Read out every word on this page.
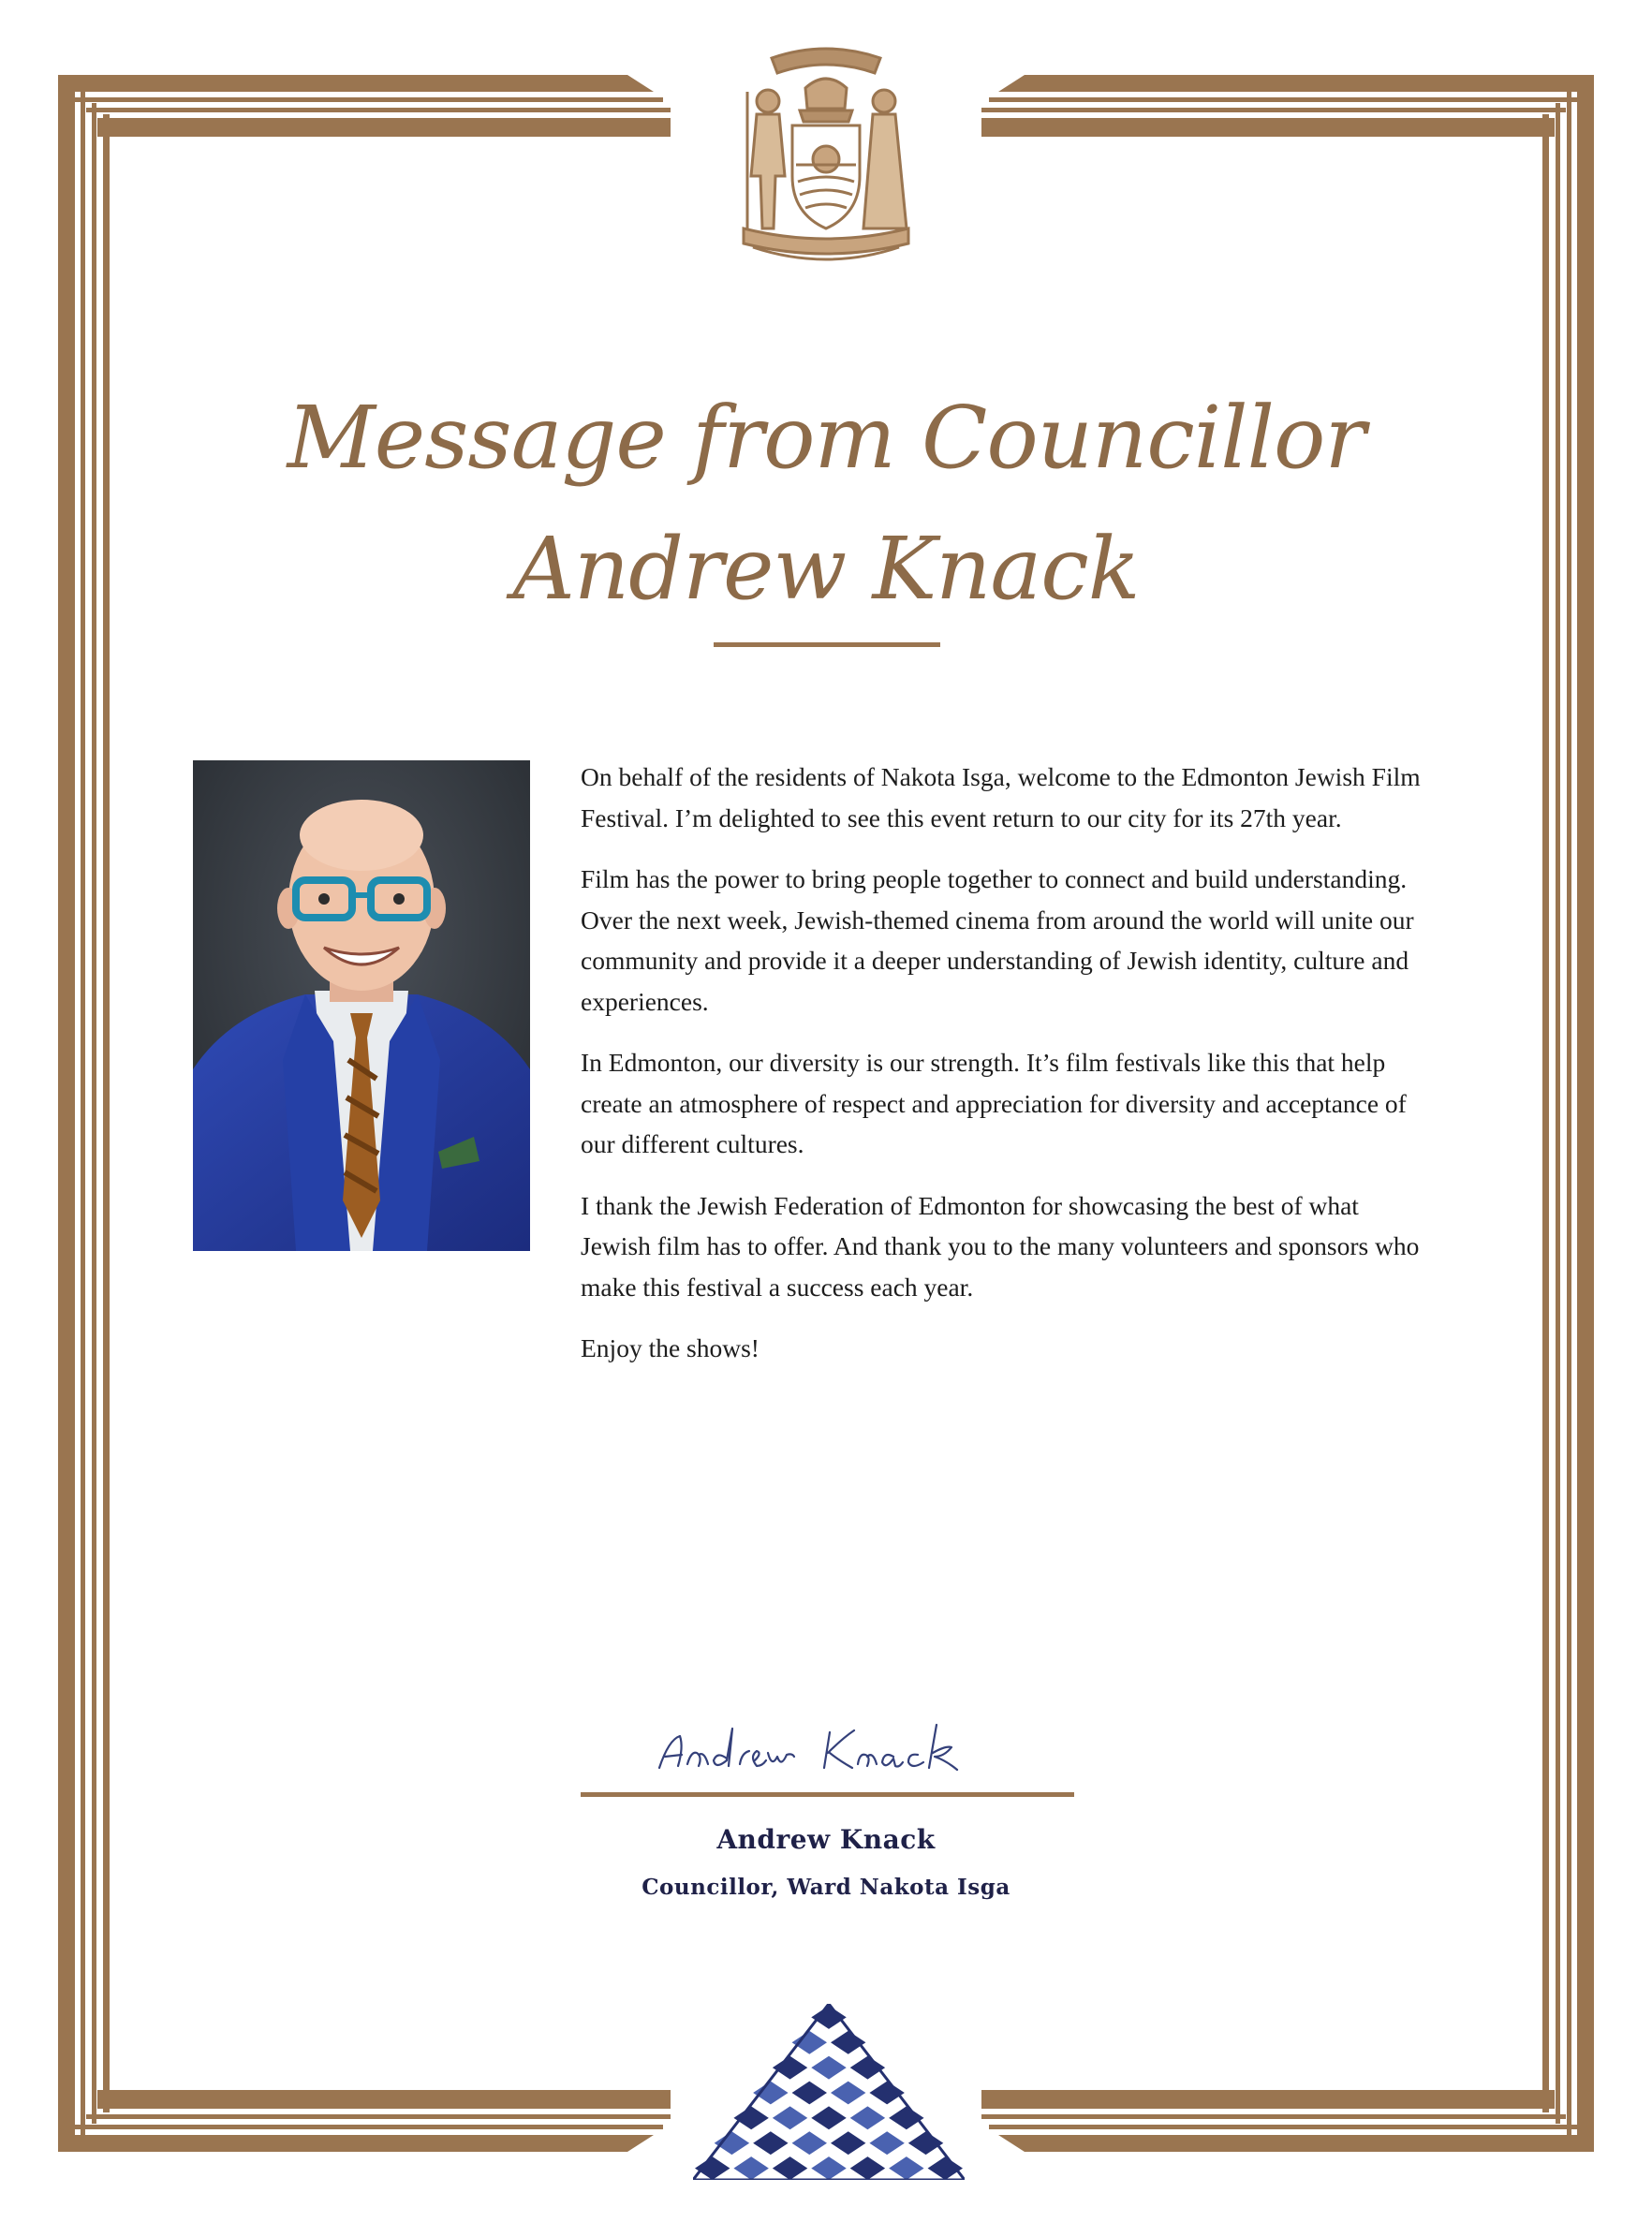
Message from Councillor
Andrew Knack

On behalf of the residents of Nakota Isga, welcome to the Edmonton Jewish Film Festival. I’m delighted to see this event return to our city for its 27th year.

Film has the power to bring people together to connect and build understanding. Over the next week, Jewish-themed cinema from around the world will unite our community and provide it a deeper understanding of Jewish identity, culture and experiences.

In Edmonton, our diversity is our strength. It’s film festivals like this that help create an atmosphere of respect and appreciation for diversity and acceptance of our different cultures.

I thank the Jewish Federation of Edmonton for showcasing the best of what Jewish film has to offer. And thank you to the many volunteers and sponsors who make this festival a success each year.

Enjoy the shows!

Andrew Knack
Councillor, Ward Nakota Isga
